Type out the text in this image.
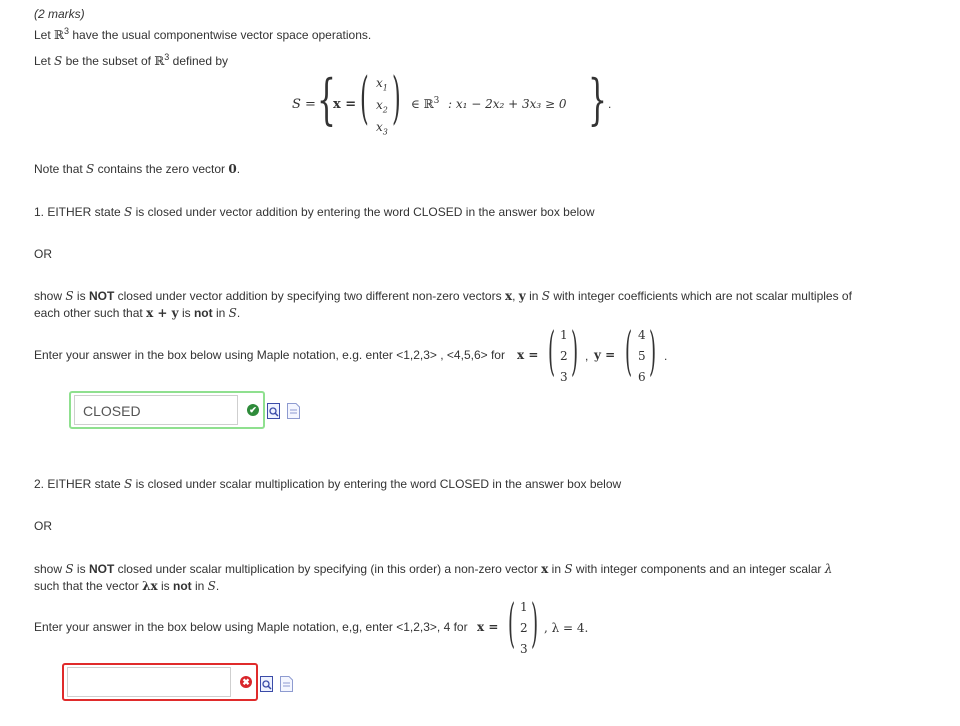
(2 marks)
Let ℝ$^3$ have the usual componentwise vector space operations.
Let S be the subset of ℝ$^3$ defined by
S = {
x = ( $x_1$
$x_2$
$x_3$
) ∈ ℝ$^3$ : x₁ − 2x₂ + 3x₃ ≥ 0 } .
Note that S contains the zero vector 0.
1. EITHER state S is closed under vector addition by entering the word CLOSED in the answer box below
OR
show S is NOT closed under vector addition by specifying two different non-zero vectors x, y in S with integer coefficients which are not scalar multiples of
each other such that x + y is not in S.
Enter your answer in the box below using Maple notation, e.g. enter <1,2,3> , <4,5,6> for x = ( 1
2
3 ) , y = ( 4
5
6 ) .
CLOSED	✔
2. EITHER state S is closed under scalar multiplication by entering the word CLOSED in the answer box below
OR
show S is NOT closed under scalar multiplication by specifying (in this order) a non-zero vector x in S with integer components and an integer scalar λ
such that the vector λx is not in S.
Enter your answer in the box below using Maple notation, e,g, enter <1,2,3>, 4 for x = ( 1
2
3 ) , λ = 4.
✖
